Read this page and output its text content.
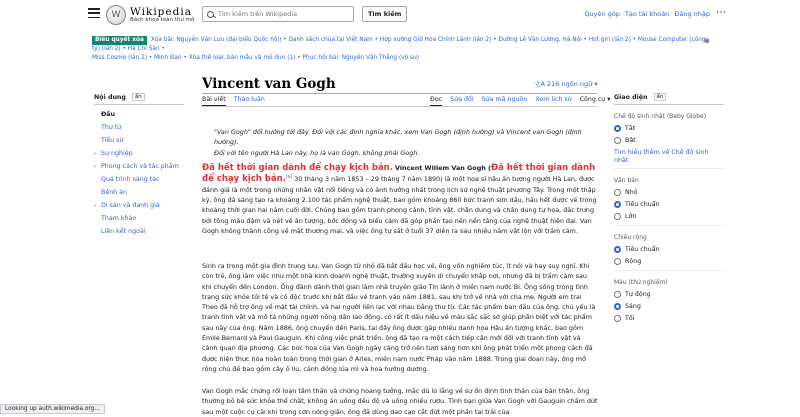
W Wikipedia
Bách khoa toàn thư mở
Tìm kiếm trên Wikipedia
Tìm kiếm	Quyên góp Tạo tài khoản Đăng nhập ⋯
Biểu quyết xóa Xóa bài: Nguyễn Văn Lưu (đại biểu Quốc hội) • Danh sách chùa tại Việt Nam • Hợp xướng Giờ Hoa Chính Lãnh (lần 2) • Đường Lê Văn Lương, Hà Nội • Hot girl (lần 2) • Mouse Computer (công ty) (lần 2) • Hà Chí Sàn •
Miss Cosmo (lần 2) • Minh Đạn • Xóa thể loại, bản mẫu và mô đun (1) • Phục hồi bài: Nguyễn Văn Thắng (võ sư)
⊗
Nội dung	ẩn
Đầu
Thư từ
Tiểu sử
› Sự nghiệp
› Phong cách và tác phẩm
Quá trình sáng tác
Bệnh án
› Di sản và danh giá
Tham khảo
Liên kết ngoài
Vincent van Gogh	文A 216 ngôn ngữ ▾
Bài viết Thảo luận	Đọc Sửa đổi Sửa mã nguồn Xem lịch sử Công cụ ▾
"Van Gogh" đổi hướng tới đây. Đối với các định nghĩa khác, xem Van Gogh (định hướng) và Vincent van Gogh (định hướng).
Đối với tên người Hà Lan này, họ là van Gogh, không phải Gogh.
Đã hết thời gian dành để chạy kịch bản. Vincent Willem Van Gogh (Đã hết thời gian dành để chạy kịch bản.[a] 30 tháng 3 năm 1853 – 29 tháng 7 năm 1890) là một họa sĩ hậu ấn tượng người Hà Lan, được đánh giá là một trong những nhân vật nổi tiếng và có ảnh hưởng nhất trong lịch sử nghệ thuật phương Tây. Trong một thập kỷ, ông đã sáng tạo ra khoảng 2.100 tác phẩm nghệ thuật, bao gồm khoảng 860 bức tranh sơn dầu, hầu hết được vẽ trong khoảng thời gian hai năm cuối đời. Chúng bao gồm tranh phong cảnh, tĩnh vật, chân dung và chân dung tự họa, đặc trưng bởi tông màu đậm và nét vẽ ấn tượng, bốc đồng và biểu cảm đã góp phần tạo nền nền tảng của nghệ thuật hiện đại. Van Gogh không thành công về mặt thương mại, và việc ông tự sát ở tuổi 37 diễn ra sau nhiều năm vật lộn với trầm cảm.
Sinh ra trong một gia đình trung lưu, Van Gogh từ nhỏ đã bắt đầu học vẽ, ông vốn nghiêm túc, ít nói và hay suy nghĩ. Khi còn trẻ, ông làm việc như một nhà kinh doanh nghệ thuật, thường xuyên di chuyển khắp nơi, nhưng đã bị trầm cảm sau khi chuyển đến London. Ông đành dành thời gian làm nhà truyền giáo Tin lành ở miền nam nước Bỉ. Ông sống trong tình trạng sức khỏe tồi tệ và cô độc trước khi bắt đầu vẽ tranh vào năm 1881, sau khi trở về nhà với cha mẹ. Người em trai Theo đã hỗ trợ ông về mặt tài chính, và hai người liên lạc với nhau bằng thư từ. Các tác phẩm ban đầu của ông, chủ yếu là tranh tĩnh vật và mô tả những người nông dân lao động, có rất ít dấu hiệu về màu sắc sặc sỡ giúp phân biệt với tác phẩm sau này của ông. Năm 1886, ông chuyển đến Paris, tại đây ông được gặp nhiều danh họa Hậu ấn tượng khác, bao gồm Émile Bernard và Paul Gauguin. Khi công việc phát triển, ông đã tạo ra một cách tiếp cận mới đối với tranh tĩnh vật và cảnh quan địa phương. Các bức họa của Van Gogh ngày càng trở nên tươi sáng hơn khi ông phát triển một phong cách đã được hiện thực hóa hoàn toàn trong thời gian ở Arles, miền nam nước Pháp vào năm 1888. Trong giai đoạn này, ông mở rộng chủ đề bao gồm cây ô liu, cánh đồng lúa mì và hoa hướng dương.
Van Gogh mắc chứng rối loạn tâm thần và chứng hoang tưởng, mặc dù lo lắng về sự ổn định tinh thần của bản thân, ông thường bỏ bê sức khỏe thể chất, không ăn uống đều độ và uống nhiều rượu. Tình bạn giữa Van Gogh với Gauguin chấm dứt sau một cuộc cự cãi khi trong cơn nóng giận, ông đã dùng dao cạo cắt đứt một phần tai trái của
Giao diện	ẩn
Chế độ sinh nhật (Baby Globe)
Tắt
Bật
Tìm hiểu thêm về Chế độ sinh nhật
Văn bản
Nhỏ
Tiêu chuẩn
Lớn
Chiều rộng
Tiêu chuẩn
Rộng
Màu (thử nghiệm)
Tự động
Sáng
Tối
Looking up auth.wikimedia.org...
